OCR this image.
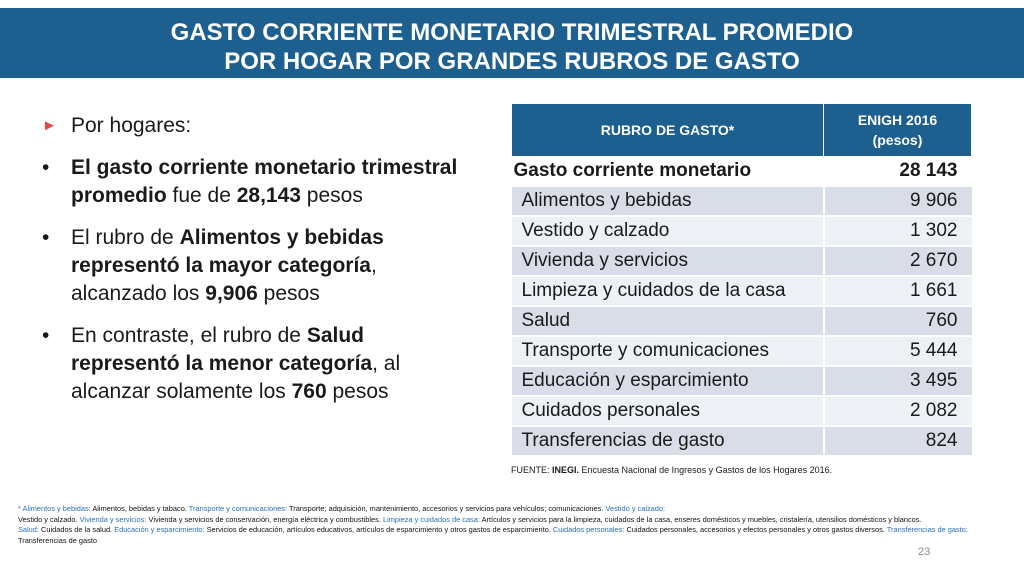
GASTO CORRIENTE MONETARIO TRIMESTRAL PROMEDIO
POR HOGAR POR GRANDES RUBROS DE GASTO
► Por hogares:
• El gasto corriente monetario trimestral promedio fue de 28,143 pesos
• El rubro de Alimentos y bebidas representó la mayor categoría, alcanzado los 9,906 pesos
• En contraste, el rubro de Salud representó la menor categoría, al alcanzar solamente los 760 pesos
RUBRO DE GASTO*	ENIGH 2016
(pesos)
Gasto corriente monetario	28 143
Alimentos y bebidas	9 906
Vestido y calzado	1 302
Vivienda y servicios	2 670
Limpieza y cuidados de la casa	1 661
Salud	760
Transporte y comunicaciones	5 444
Educación y esparcimiento	3 495
Cuidados personales	2 082
Transferencias de gasto	824
FUENTE: INEGI. Encuesta Nacional de Ingresos y Gastos de los Hogares 2016.
* Alimentos y bebidas: Alimentos, bebidas y tabaco. Transporte y comunicaciones: Transporte; adquisición, mantenimiento, accesorios y servicios para vehículos; comunicaciones. Vestido y calzado:
Vestido y calzado. Vivienda y servicios: Vivienda y servicios de conservación, energía eléctrica y combustibles. Limpieza y cuidados de casa: Artículos y servicios para la limpieza, cuidados de la casa, enseres domésticos y muebles, cristalería, utensilios domésticos y blancos.
Salud: Cuidados de la salud. Educación y esparcimiento: Servicios de educación, artículos educativos, artículos de esparcimiento y otros gastos de esparcimiento. Cuidados personales: Cuidados personales, accesorios y efectos personales y otros gastos diversos. Transferencias de gasto: Transferencias de gasto
23
